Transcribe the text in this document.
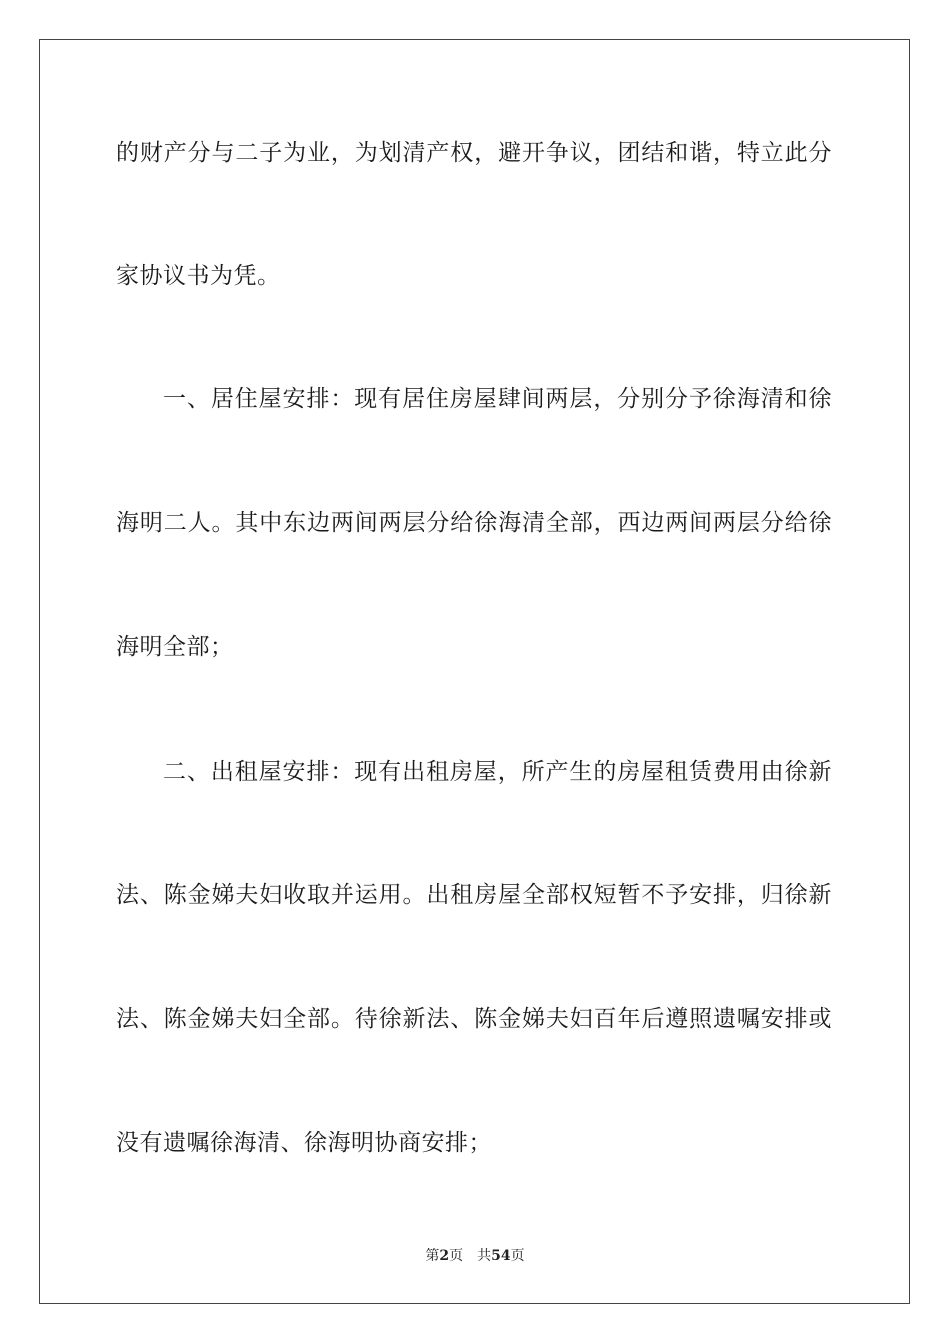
的财产分与二子为业，为划清产权，避开争议，团结和谐，特立此分
家协议书为凭。
一、居住屋安排：现有居住房屋肆间两层，分别分予徐海清和徐
海明二人。其中东边两间两层分给徐海清全部，西边两间两层分给徐
海明全部；
二、出租屋安排：现有出租房屋，所产生的房屋租赁费用由徐新
法、陈金娣夫妇收取并运用。出租房屋全部权短暂不予安排，归徐新
法、陈金娣夫妇全部。待徐新法、陈金娣夫妇百年后遵照遗嘱安排或
没有遗嘱徐海清、徐海明协商安排；
第2页 共54页
